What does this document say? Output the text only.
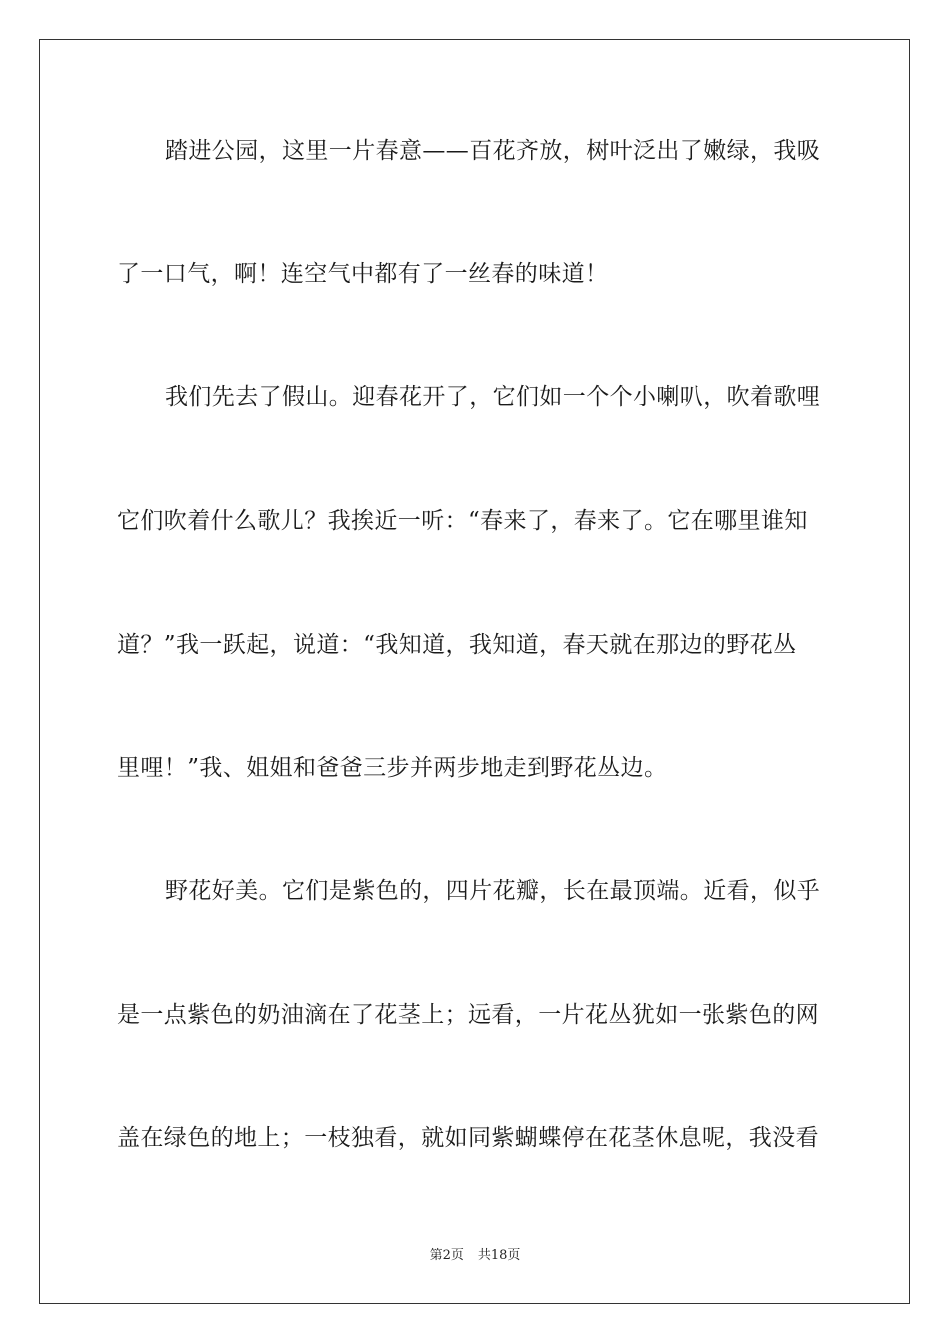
踏进公园，这里一片春意——百花齐放，树叶泛出了嫩绿，我吸
了一口气，啊！连空气中都有了一丝春的味道！
我们先去了假山。迎春花开了，它们如一个个小喇叭，吹着歌哩
它们吹着什么歌儿？我挨近一听：“春来了，春来了。它在哪里谁知
道？”我一跃起，说道：“我知道，我知道，春天就在那边的野花丛
里哩！”我、姐姐和爸爸三步并两步地走到野花丛边。
野花好美。它们是紫色的，四片花瓣，长在最顶端。近看，似乎
是一点紫色的奶油滴在了花茎上；远看，一片花丛犹如一张紫色的网
盖在绿色的地上；一枝独看，就如同紫蝴蝶停在花茎休息呢，我没看
第2页 共18页
